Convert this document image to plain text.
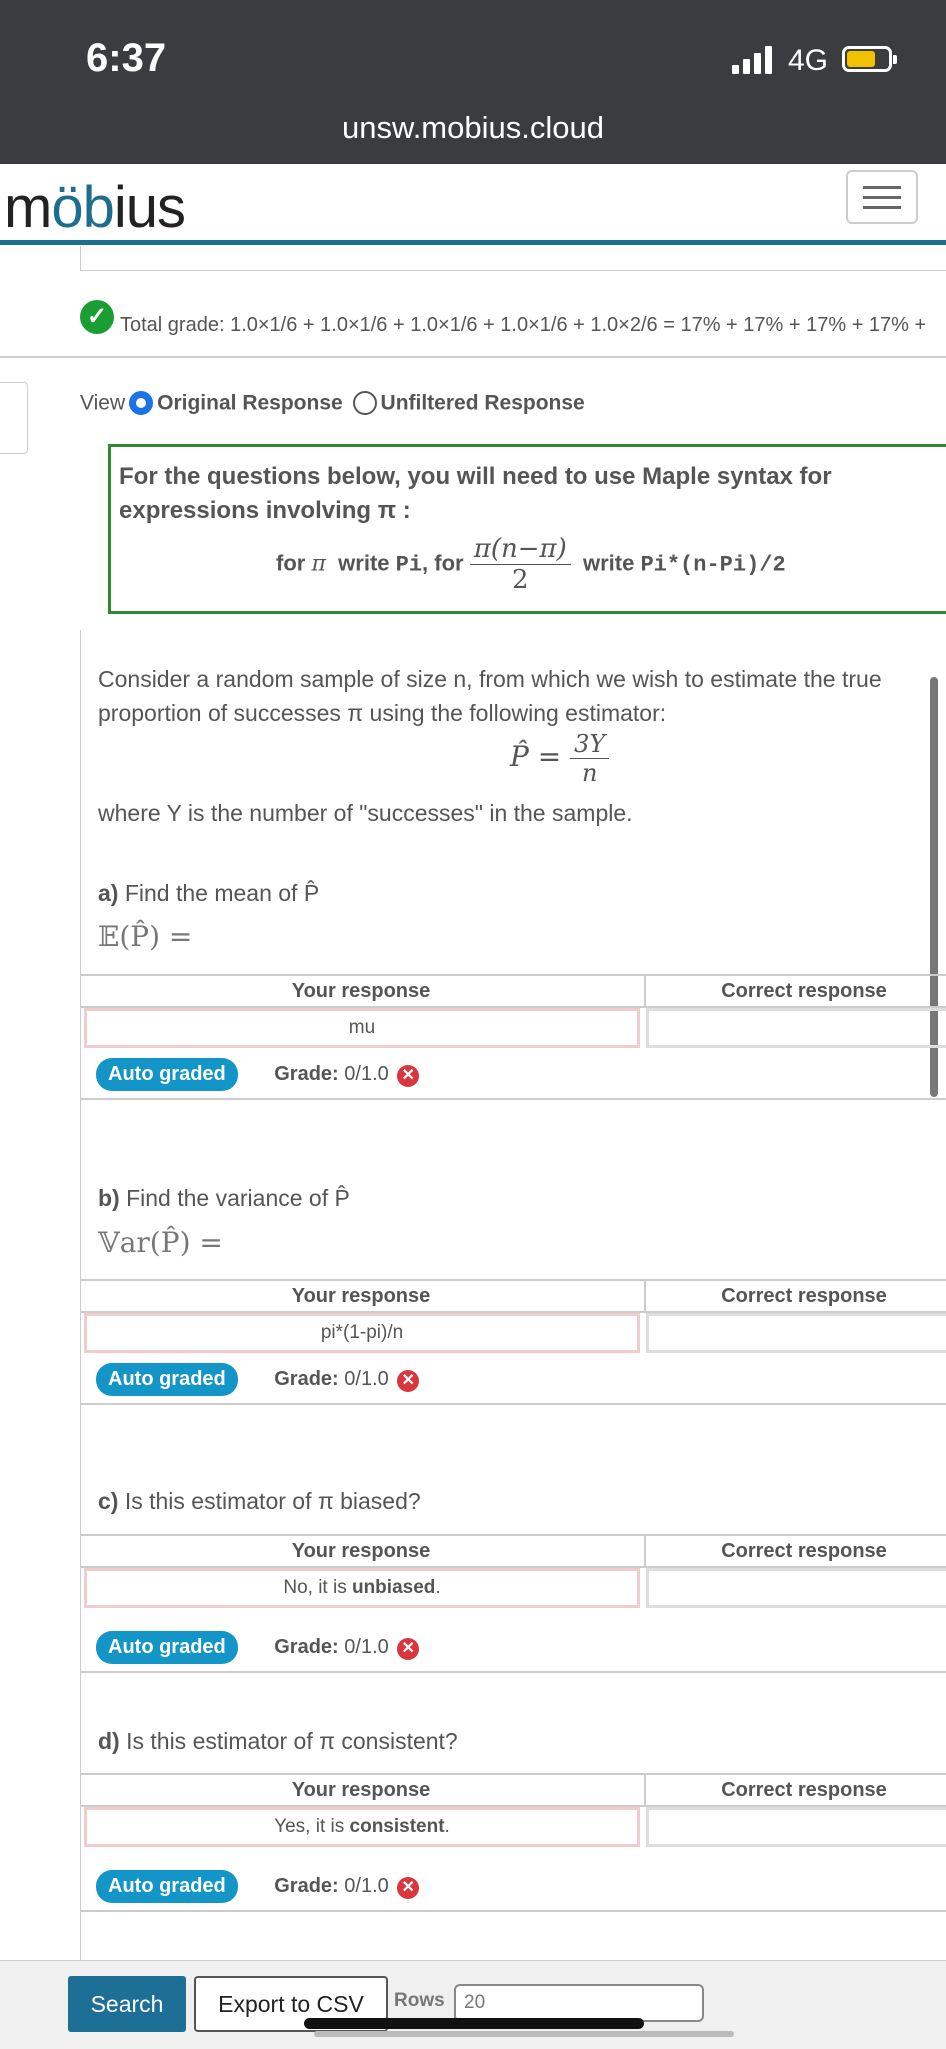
6:37	4G
unsw.mobius.cloud
möbius
✓ Total grade: 1.0×1/6 + 1.0×1/6 + 1.0×1/6 + 1.0×1/6 + 1.0×2/6 = 17% + 17% + 17% + 17% +
View Original Response Unfiltered Response
For the questions below, you will need to use Maple syntax for expressions involving π :
for π write Pi, for $\frac{\pi(n-\pi)}{2}$ write Pi*(n-Pi)/2
Consider a random sample of size n, from which we wish to estimate the true proportion of successes π using the following estimator:
P̂ = $\frac{3Y}{n}$
where Y is the number of "successes" in the sample.
a) Find the mean of P̂
𝔼(P̂) =
Your response	Correct response
mu
Auto graded Grade: 0/1.0 ✕
b) Find the variance of P̂
𝕍ar(P̂) =
Your response	Correct response
pi*(1-pi)/n
Auto graded Grade: 0/1.0 ✕
c) Is this estimator of π biased?
Your response	Correct response
No, it is unbiased.
Auto graded Grade: 0/1.0 ✕
d) Is this estimator of π consistent?
Your response	Correct response
Yes, it is consistent.
Auto graded Grade: 0/1.0 ✕
Search	Export to CSV	Rows
20
